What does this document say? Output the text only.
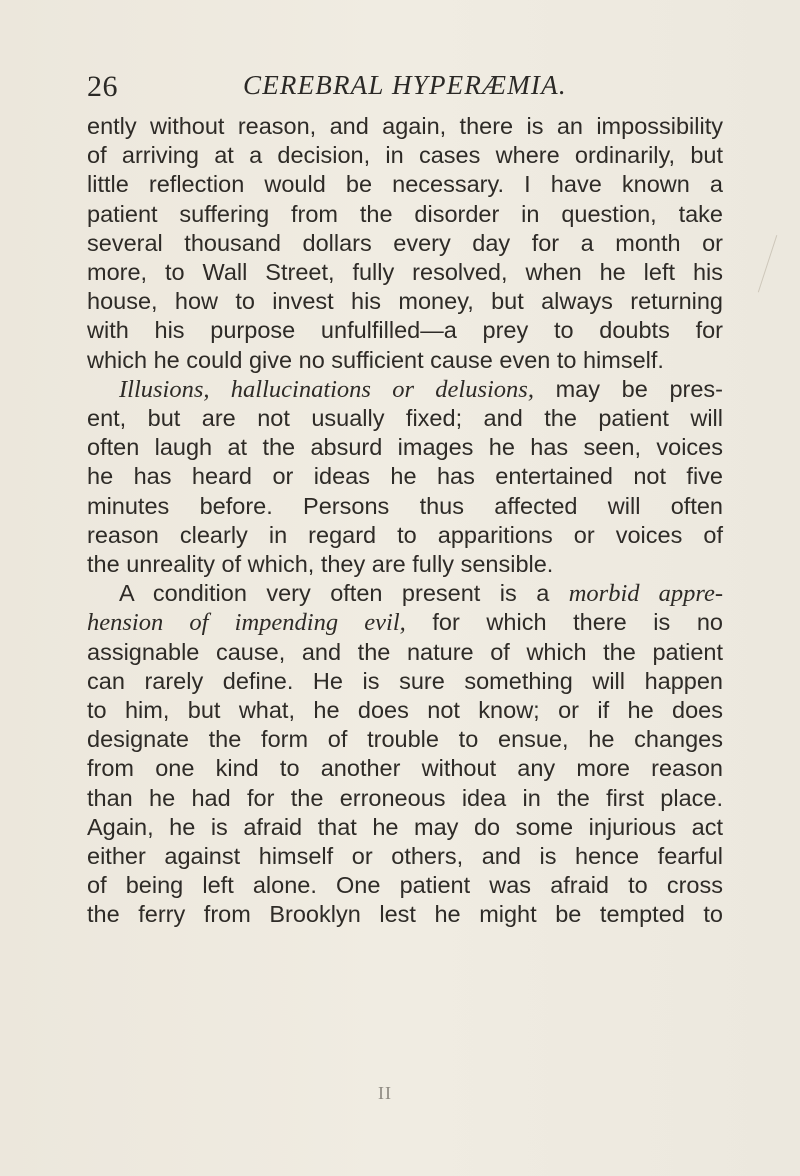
26	CEREBRAL HYPERÆMIA.
ently without reason, and again, there is an impossibility
of arriving at a decision, in cases where ordinarily, but
little reflection would be necessary. I have known a
patient suffering from the disorder in question, take
several thousand dollars every day for a month or
more, to Wall Street, fully resolved, when he left his
house, how to invest his money, but always returning
with his purpose unfulfilled—a prey to doubts for
which he could give no sufficient cause even to himself.
Illusions, hallucinations or delusions, may be pres-
ent, but are not usually fixed; and the patient will
often laugh at the absurd images he has seen, voices
he has heard or ideas he has entertained not five
minutes before. Persons thus affected will often
reason clearly in regard to apparitions or voices of
the unreality of which, they are fully sensible.
A condition very often present is a morbid appre-
hension of impending evil, for which there is no
assignable cause, and the nature of which the patient
can rarely define. He is sure something will happen
to him, but what, he does not know; or if he does
designate the form of trouble to ensue, he changes
from one kind to another without any more reason
than he had for the erroneous idea in the first place.
Again, he is afraid that he may do some injurious act
either against himself or others, and is hence fearful
of being left alone. One patient was afraid to cross
the ferry from Brooklyn lest he might be tempted to
II
